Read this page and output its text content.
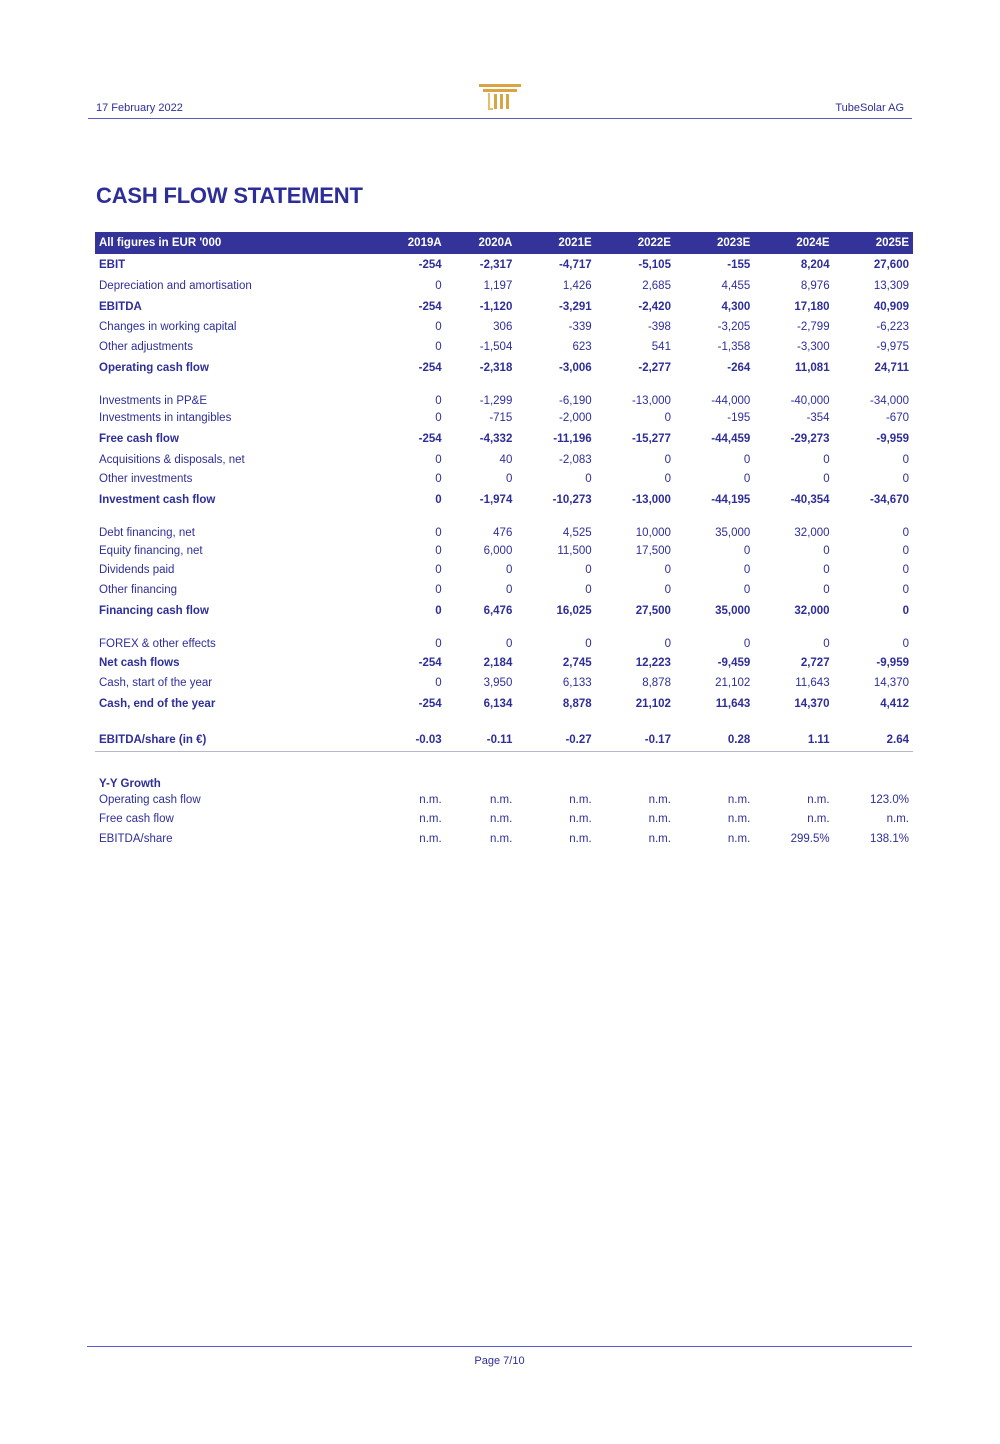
17 February 2022	TubeSolar AG
CASH FLOW STATEMENT
All figures in EUR '000	2019A	2020A	2021E	2022E	2023E	2024E	2025E
EBIT	-254	-2,317	-4,717	-5,105	-155	8,204	27,600
Depreciation and amortisation	0	1,197	1,426	2,685	4,455	8,976	13,309
EBITDA	-254	-1,120	-3,291	-2,420	4,300	17,180	40,909
Changes in working capital	0	306	-339	-398	-3,205	-2,799	-6,223
Other adjustments	0	-1,504	623	541	-1,358	-3,300	-9,975
Operating cash flow	-254	-2,318	-3,006	-2,277	-264	11,081	24,711
Investments in PP&E	0	-1,299	-6,190	-13,000	-44,000	-40,000	-34,000
Investments in intangibles	0	-715	-2,000	0	-195	-354	-670
Free cash flow	-254	-4,332	-11,196	-15,277	-44,459	-29,273	-9,959
Acquisitions & disposals, net	0	40	-2,083	0	0	0	0
Other investments	0	0	0	0	0	0	0
Investment cash flow	0	-1,974	-10,273	-13,000	-44,195	-40,354	-34,670
Debt financing, net	0	476	4,525	10,000	35,000	32,000	0
Equity financing, net	0	6,000	11,500	17,500	0	0	0
Dividends paid	0	0	0	0	0	0	0
Other financing	0	0	0	0	0	0	0
Financing cash flow	0	6,476	16,025	27,500	35,000	32,000	0
FOREX & other effects	0	0	0	0	0	0	0
Net cash flows	-254	2,184	2,745	12,223	-9,459	2,727	-9,959
Cash, start of the year	0	3,950	6,133	8,878	21,102	11,643	14,370
Cash, end of the year	-254	6,134	8,878	21,102	11,643	14,370	4,412

EBITDA/share (in €)	-0.03	-0.11	-0.27	-0.17	0.28	1.11	2.64

Y-Y Growth							
Operating cash flow	n.m.	n.m.	n.m.	n.m.	n.m.	n.m.	123.0%
Free cash flow	n.m.	n.m.	n.m.	n.m.	n.m.	n.m.	n.m.
EBITDA/share	n.m.	n.m.	n.m.	n.m.	n.m.	299.5%	138.1%
Page 7/10
